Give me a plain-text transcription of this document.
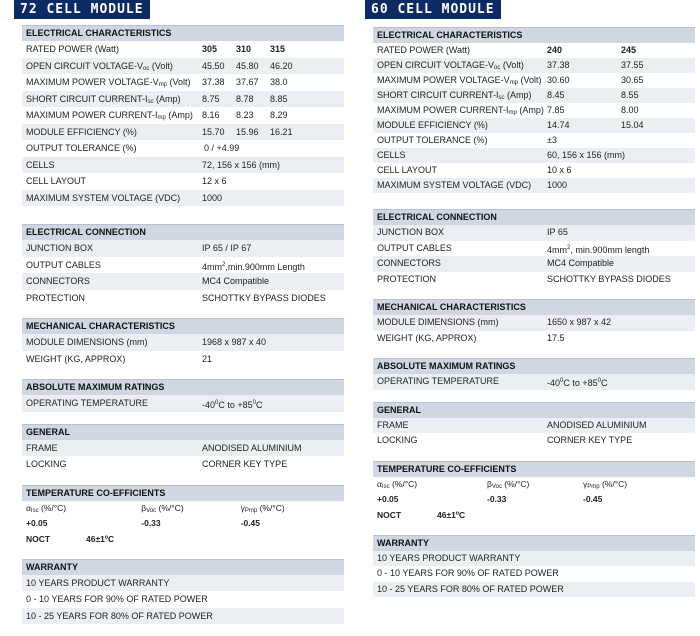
72 CELL MODULE
ELECTRICAL CHARACTERISTICS
RATED POWER (Watt)	305	310	315
OPEN CIRCUIT VOLTAGE-$V_{oc}$ (Volt)	45.50	45.80	46.20
MAXIMUM POWER VOLTAGE-$V_{mp}$ (Volt)	37.38	37.67	38.0
SHORT CIRCUIT CURRENT-$I_{sc}$ (Amp)	8.75	8.78	8.85
MAXIMUM POWER CURRENT-$I_{mp}$ (Amp)	8.16	8.23	8.29
MODULE EFFICIENCY (%)	15.70	15.96	16.21
OUTPUT TOLERANCE (%)	0 / +4.99
CELLS	72, 156 x 156 (mm)
CELL LAYOUT	12 x 6
MAXIMUM SYSTEM VOLTAGE (VDC)	1000
ELECTRICAL CONNECTION
JUNCTION BOX	IP 65 / IP 67
OUTPUT CABLES	$4mm^2,\min.900mm$ Length
CONNECTORS	MC4 Compatible
PROTECTION	SCHOTTKY BYPASS DIODES
MECHANICAL CHARACTERISTICS
MODULE DIMENSIONS (mm)	1968 x 987 x 40
WEIGHT (KG, APPROX)	21
ABSOLUTE MAXIMUM RATINGS
OPERATING TEMPERATURE	$-40^0C$ to $+85^0C$
GENERAL
FRAME	ANODISED ALUMINIUM
LOCKING	CORNER KEY TYPE
TEMPERATURE CO-EFFICIENTS
$\alpha_{Isc}$ (%/°C)	$\beta_{Voc}$ (%/°C)	$\gamma_{Pmp}$ (%/°C)
+0.05	-0.33	-0.45
NOCT	46±1ºC
WARRANTY
10 YEARS PRODUCT WARRANTY
0 - 10 YEARS FOR 90% OF RATED POWER
10 - 25 YEARS FOR 80% OF RATED POWER
60 CELL MODULE
ELECTRICAL CHARACTERISTICS
RATED POWER (Watt)	240	245
OPEN CIRCUIT VOLTAGE-$V_{oc}$ (Volt)	37.38	37.55
MAXIMUM POWER VOLTAGE-$V_{mp}$ (Volt) 30.60	30.65
SHORT CIRCUIT CURRENT-$I_{sc}$ (Amp)	8.45	8.55
MAXIMUM POWER CURRENT-$I_{mp}$ (Amp) 7.85	8.00
MODULE EFFICIENCY (%)	14.74	15.04
OUTPUT TOLERANCE (%)	±3
CELLS	60, 156 x 156 (mm)
CELL LAYOUT	10 x 6
MAXIMUM SYSTEM VOLTAGE (VDC)	1000
ELECTRICAL CONNECTION
JUNCTION BOX	IP 65
OUTPUT CABLES	$4mm^2$, min.900mm length
CONNECTORS	MC4 Compatible
PROTECTION	SCHOTTKY BYPASS DIODES
MECHANICAL CHARACTERISTICS
MODULE DIMENSIONS (mm)	1650 x 987 x 42
WEIGHT (KG, APPROX)	17.5
ABSOLUTE MAXIMUM RATINGS
OPERATING TEMPERATURE	$-40^0C$ to $+85^0C$
GENERAL
FRAME	ANODISED ALUMINIUM
LOCKING	CORNER KEY TYPE
TEMPERATURE CO-EFFICIENTS
$\alpha_{Isc}$ (%/°C)	$\beta_{Voc}$ (%/°C)	$\gamma_{Pmp}$ (%/°C)
+0.05	-0.33	-0.45
NOCT	46±1ºC
WARRANTY
10 YEARS PRODUCT WARRANTY
0 - 10 YEARS FOR 90% OF RATED POWER
10 - 25 YEARS FOR 80% OF RATED POWER
